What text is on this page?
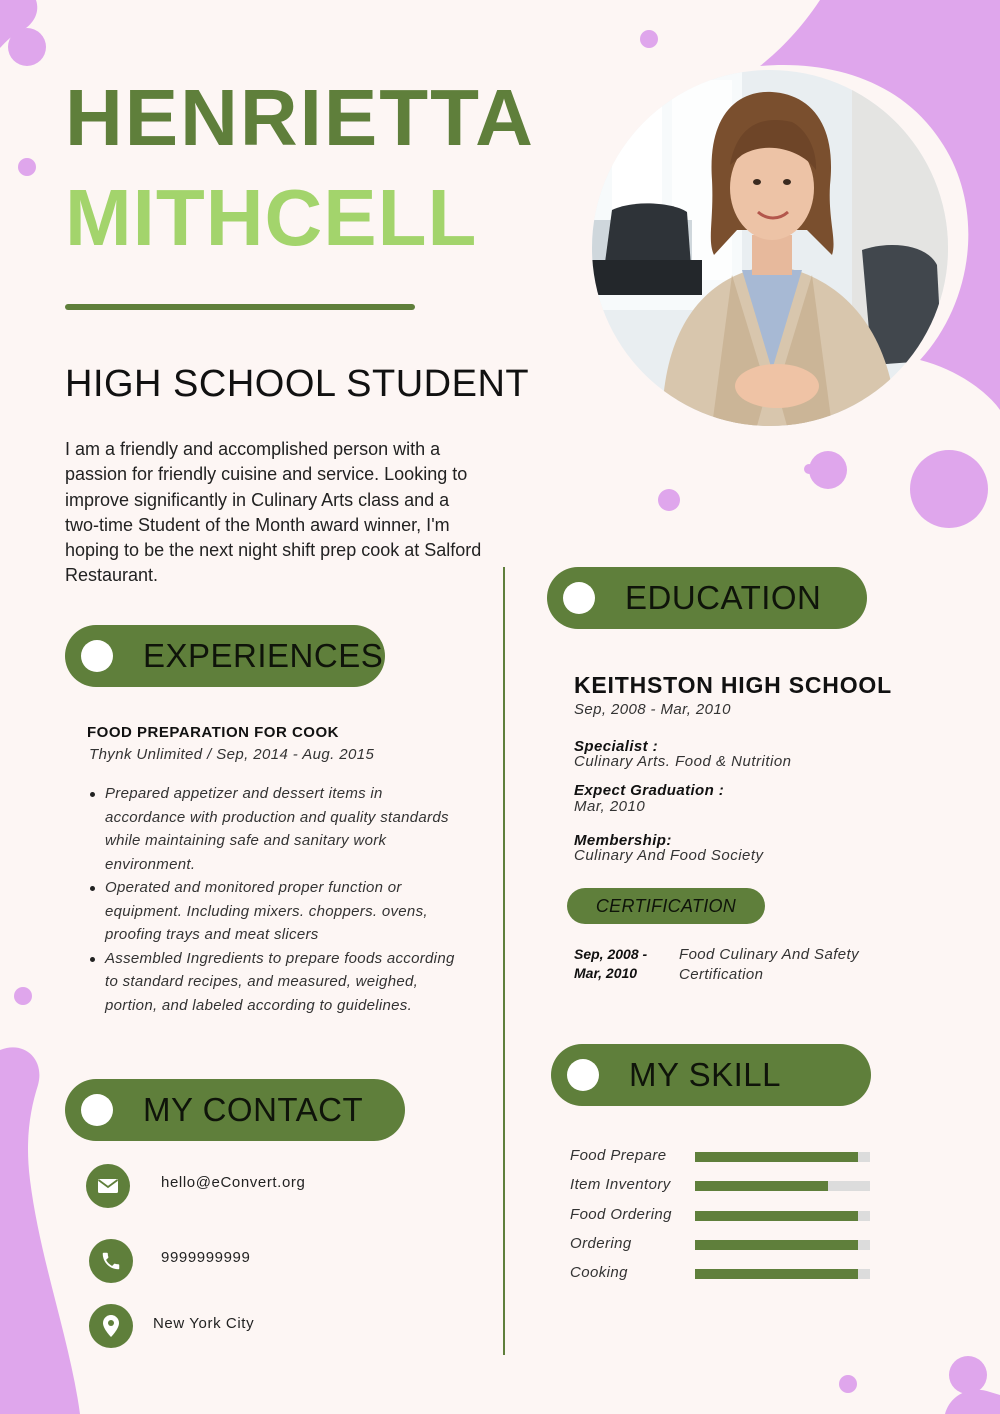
HENRIETTA
MITHCELL
HIGH SCHOOL STUDENT

I am a friendly and accomplished person with a passion for friendly cuisine and service. Looking to improve significantly in Culinary Arts class and a two-time Student of the Month award winner, I'm hoping to be the next night shift prep cook at Salford Restaurant.

EXPERIENCES
FOOD PREPARATION FOR COOK
Thynk Unlimited / Sep, 2014 - Aug. 2015
Prepared appetizer and dessert items in accordance with production and quality standards while maintaining safe and sanitary work environment.
Operated and monitored proper function or equipment. Including mixers. choppers. ovens, proofing trays and meat slicers
Assembled Ingredients to prepare foods according to standard recipes, and measured, weighed, portion, and labeled according to guidelines.
MY CONTACT
hello@eConvert.org
9999999999
New York City
EDUCATION
KEITHSTON HIGH SCHOOL
Sep, 2008 - Mar, 2010
Specialist :
Culinary Arts. Food & Nutrition
Expect Graduation :
Mar, 2010
Membership:
Culinary And Food Society
CERTIFICATION
Sep, 2008 -
Mar, 2010
Food Culinary And Safety Certification
MY SKILL
Food Prepare
Item Inventory
Food Ordering
Ordering
Cooking
